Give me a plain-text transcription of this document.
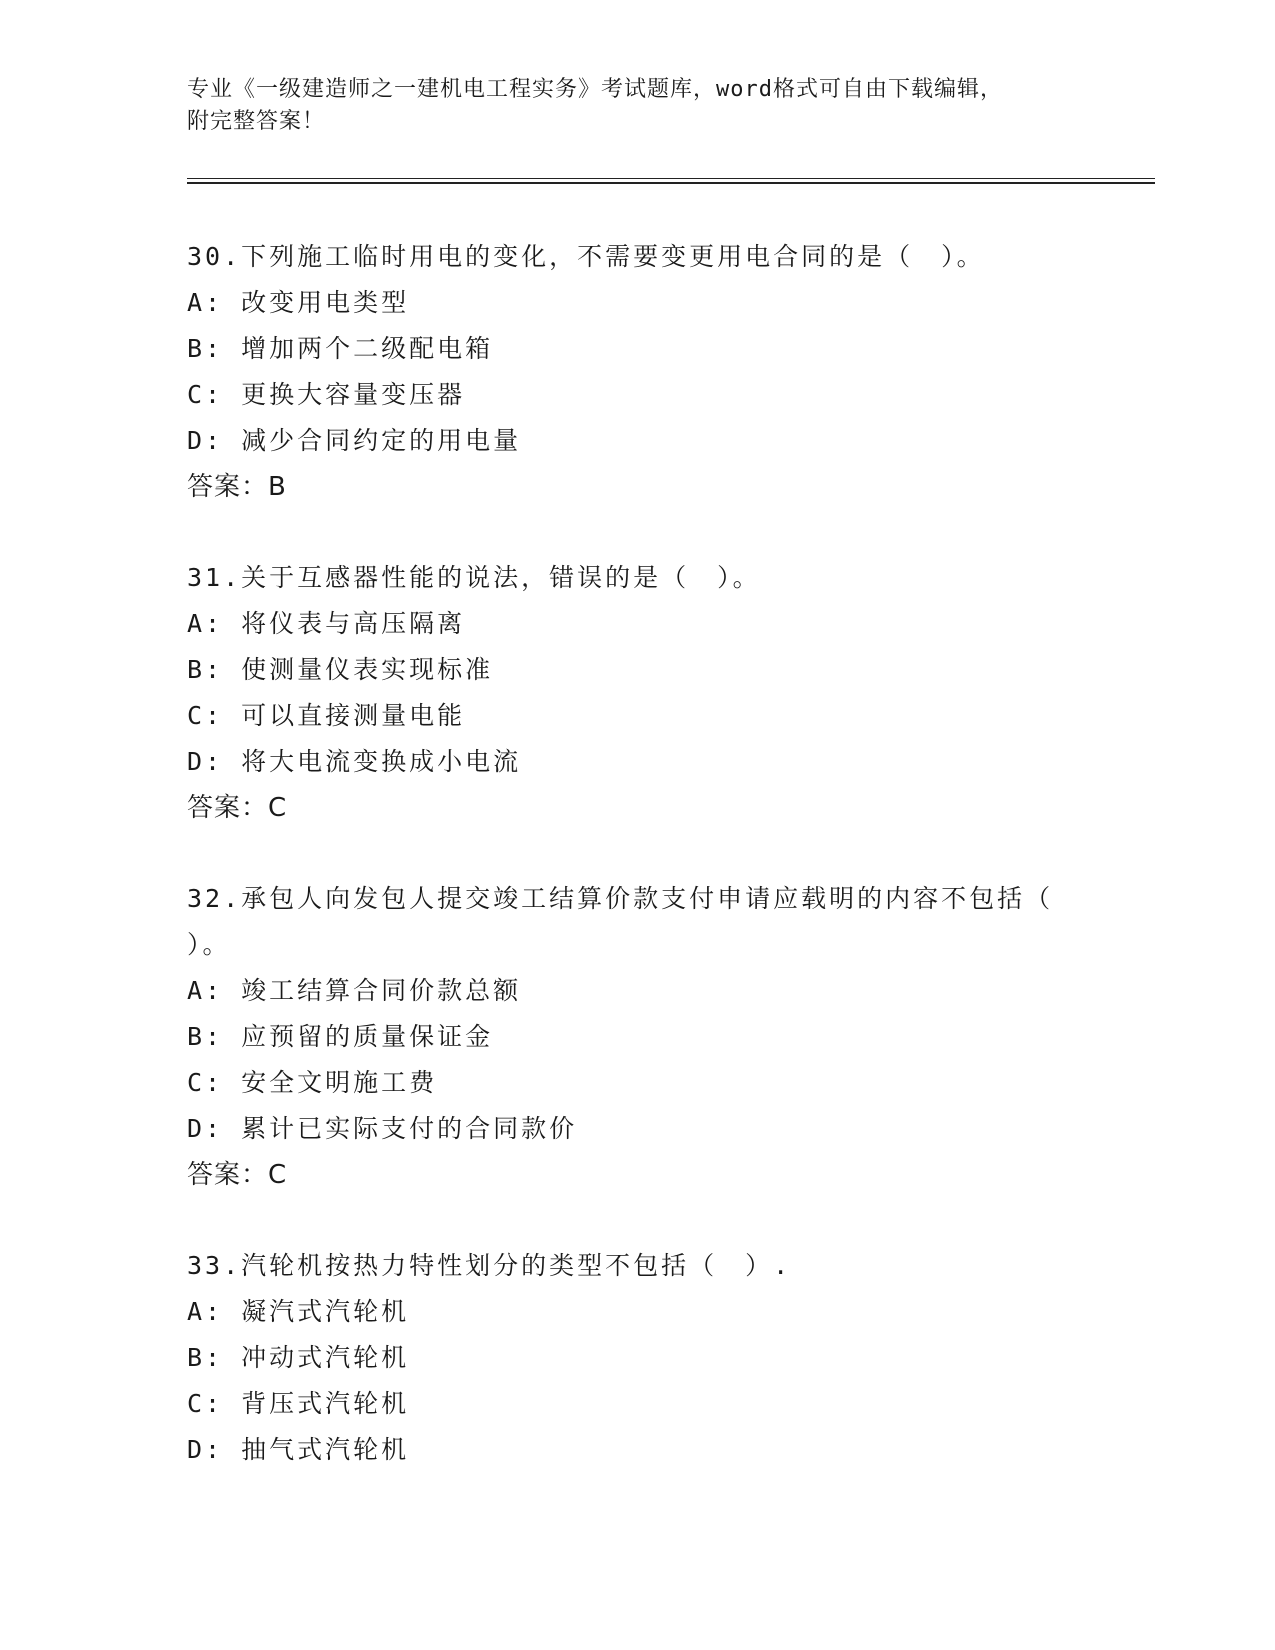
专业《一级建造师之一建机电工程实务》考试题库，word格式可自由下载编辑，
附完整答案！
30.下列施工临时用电的变化，不需要变更用电合同的是（　）。
A: 改变用电类型
B: 增加两个二级配电箱
C: 更换大容量变压器
D: 减少合同约定的用电量
答案：B
31.关于互感器性能的说法，错误的是（　）。
A: 将仪表与高压隔离
B: 使测量仪表实现标准
C: 可以直接测量电能
D: 将大电流变换成小电流
答案：C
32.承包人向发包人提交竣工结算价款支付申请应载明的内容不包括（
）。
A: 竣工结算合同价款总额
B: 应预留的质量保证金
C: 安全文明施工费
D: 累计已实际支付的合同款价
答案：C
33.汽轮机按热力特性划分的类型不包括（　）.
A: 凝汽式汽轮机
B: 冲动式汽轮机
C: 背压式汽轮机
D: 抽气式汽轮机
